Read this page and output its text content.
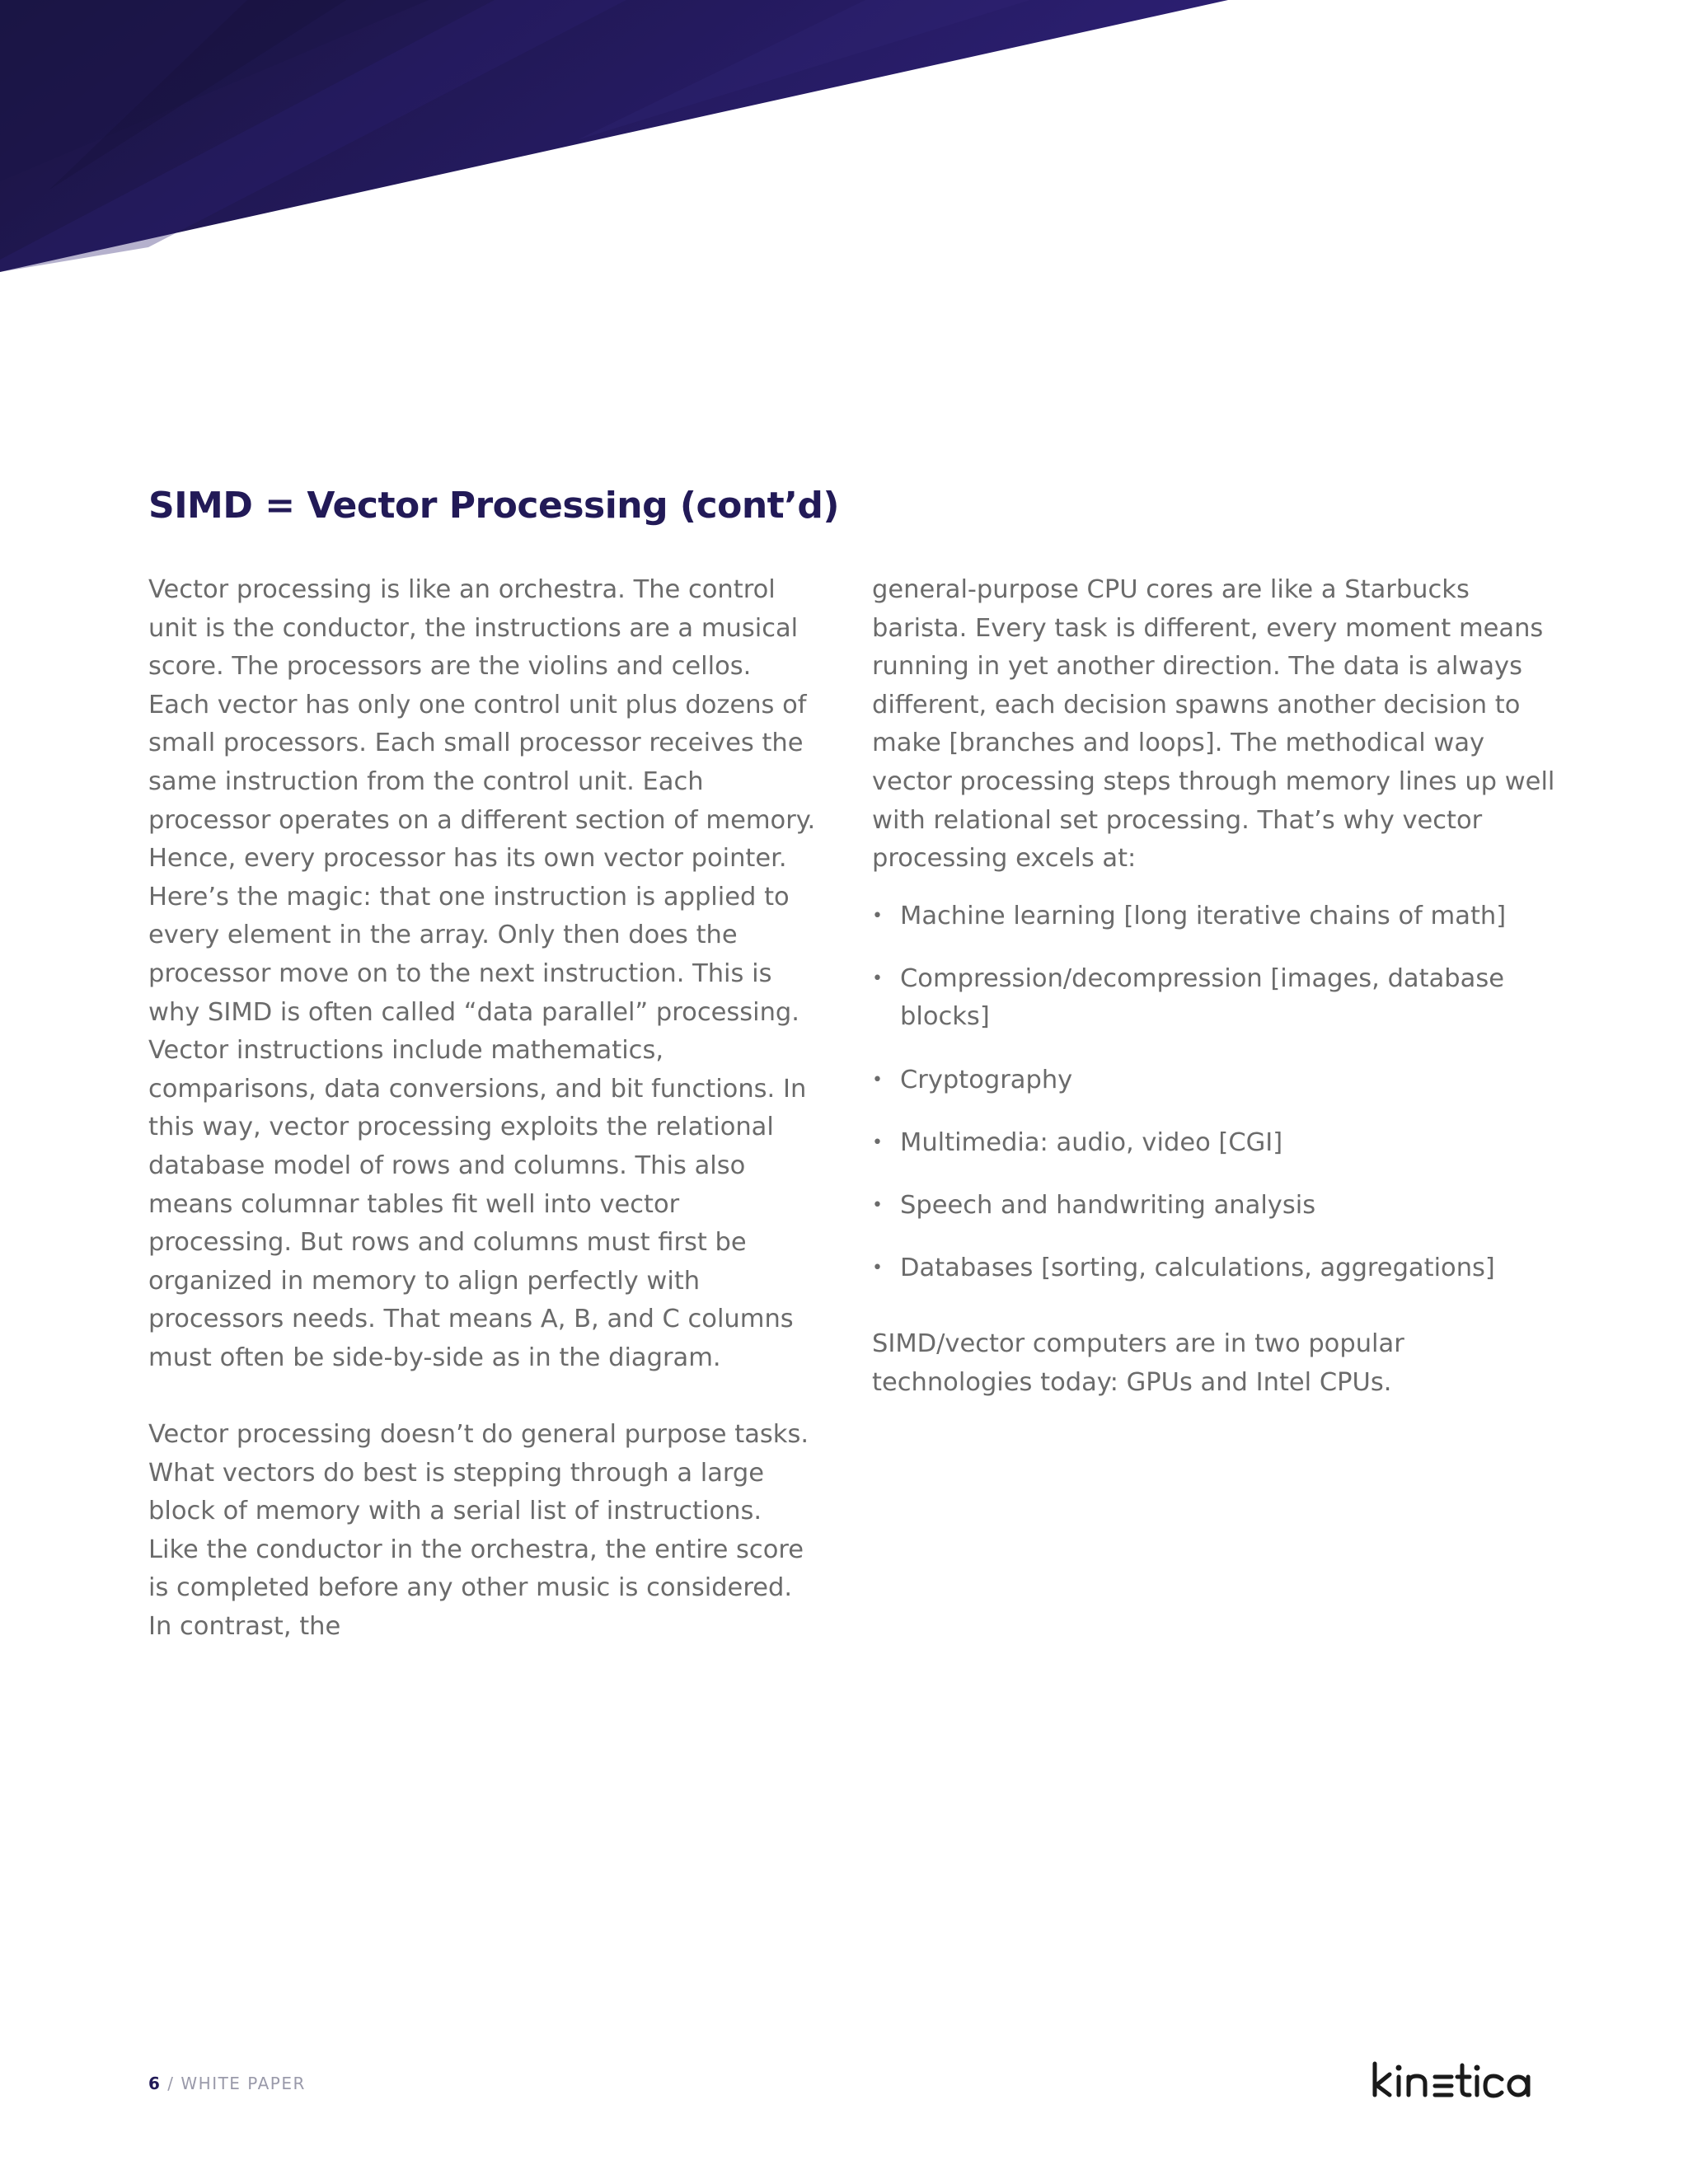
SIMD = Vector Processing (cont’d)

Vector processing is like an orchestra. The control unit is the conductor, the instructions are a musical score. The processors are the violins and cellos. Each vector has only one control unit plus dozens of small processors. Each small processor receives the same instruction from the control unit. Each processor operates on a different section of memory. Hence, every processor has its own vector pointer. Here’s the magic: that one instruction is applied to every element in the array. Only then does the processor move on to the next instruction. This is why SIMD is often called “data parallel” processing. Vector instructions include mathematics, comparisons, data conversions, and bit functions. In this way, vector processing exploits the relational database model of rows and columns. This also means columnar tables fit well into vector processing. But rows and columns must first be organized in memory to align perfectly with processors needs. That means A, B, and C columns must often be side-by-side as in the diagram.

Vector processing doesn’t do general purpose tasks. What vectors do best is stepping through a large block of memory with a serial list of instructions. Like the conductor in the orchestra, the entire score is completed before any other music is considered. In contrast, the

general-purpose CPU cores are like a Starbucks barista. Every task is different, every moment means running in yet another direction. The data is always different, each decision spawns another decision to make [branches and loops]. The methodical way vector processing steps through memory lines up well with relational set processing. That’s why vector processing excels at:

• Machine learning [long iterative chains of math]
• Compression/decompression [images, database blocks]
• Cryptography
• Multimedia: audio, video [CGI]
• Speech and handwriting analysis
• Databases [sorting, calculations, aggregations]

SIMD/vector computers are in two popular technologies today: GPUs and Intel CPUs.

6 / WHITE PAPER
